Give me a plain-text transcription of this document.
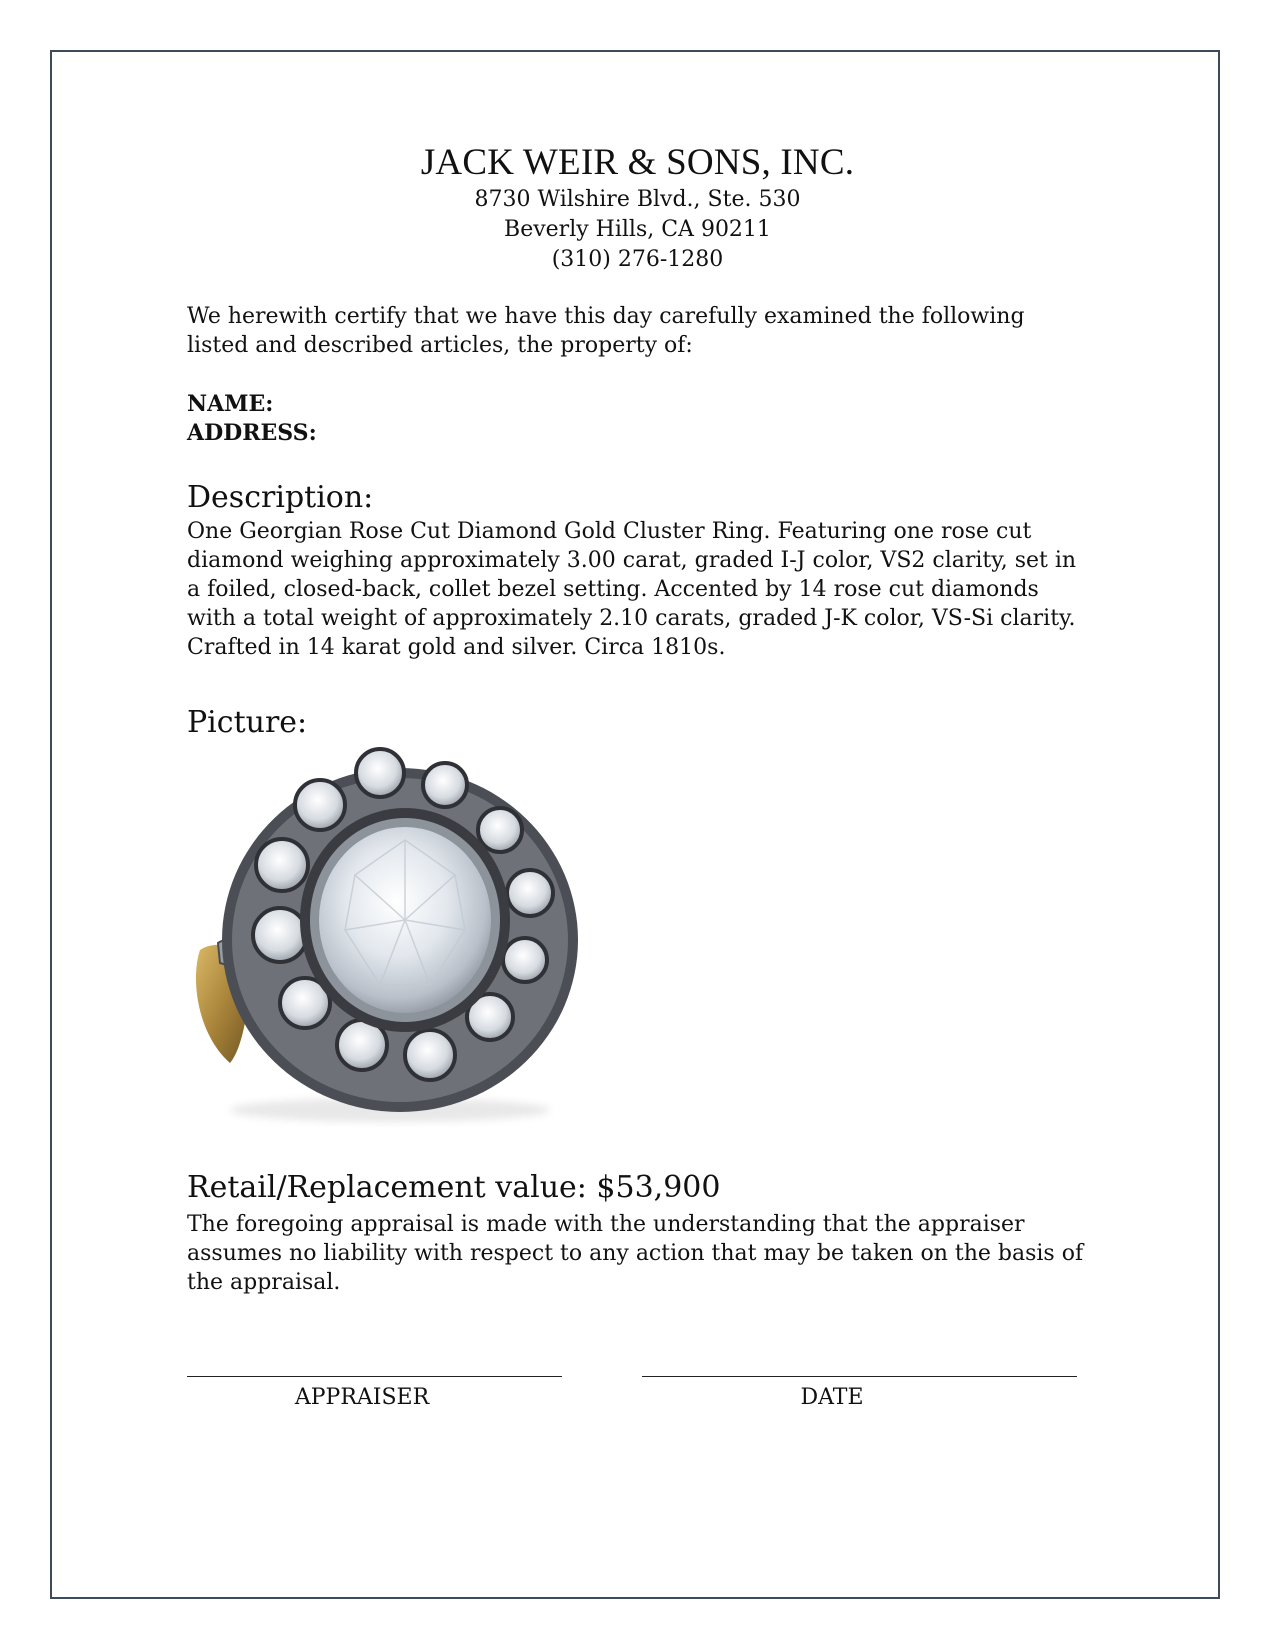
JACK WEIR & SONS, INC.
8730 Wilshire Blvd., Ste. 530
Beverly Hills, CA 90211
(310) 276-1280
We herewith certify that we have this day carefully examined the following listed and described articles, the property of:
NAME:
ADDRESS:
Description:
One Georgian Rose Cut Diamond Gold Cluster Ring. Featuring one rose cut diamond weighing approximately 3.00 carat, graded I-J color, VS2 clarity, set in a foiled, closed-back, collet bezel setting. Accented by 14 rose cut diamonds with a total weight of approximately 2.10 carats, graded J-K color, VS-Si clarity. Crafted in 14 karat gold and silver. Circa 1810s.
Picture:
Retail/Replacement value: $53,900
The foregoing appraisal is made with the understanding that the appraiser assumes no liability with respect to any action that may be taken on the basis of the appraisal.
APPRAISER	DATE
